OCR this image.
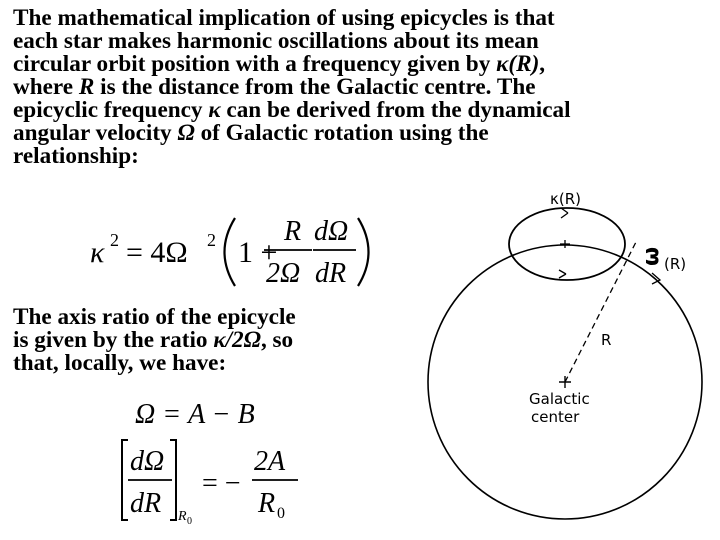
The mathematical implication of using epicycles is that
each star makes harmonic oscillations about its mean
circular orbit position with a frequency given by κ(R),
where R is the distance from the Galactic centre. The
epicyclic frequency κ can be derived from the dynamical
angular velocity Ω of Galactic rotation using the
relationship:
κ 2 = 4Ω 2 1 +
R
2Ω
dΩ
dR
The axis ratio of the epicycle
is given by the ratio κ/2Ω, so
that, locally, we have:
Ω = A − B
dΩ
dR R 0
= −
2A
R 0
κ(R)
ω (R)
R
Galactic
center
